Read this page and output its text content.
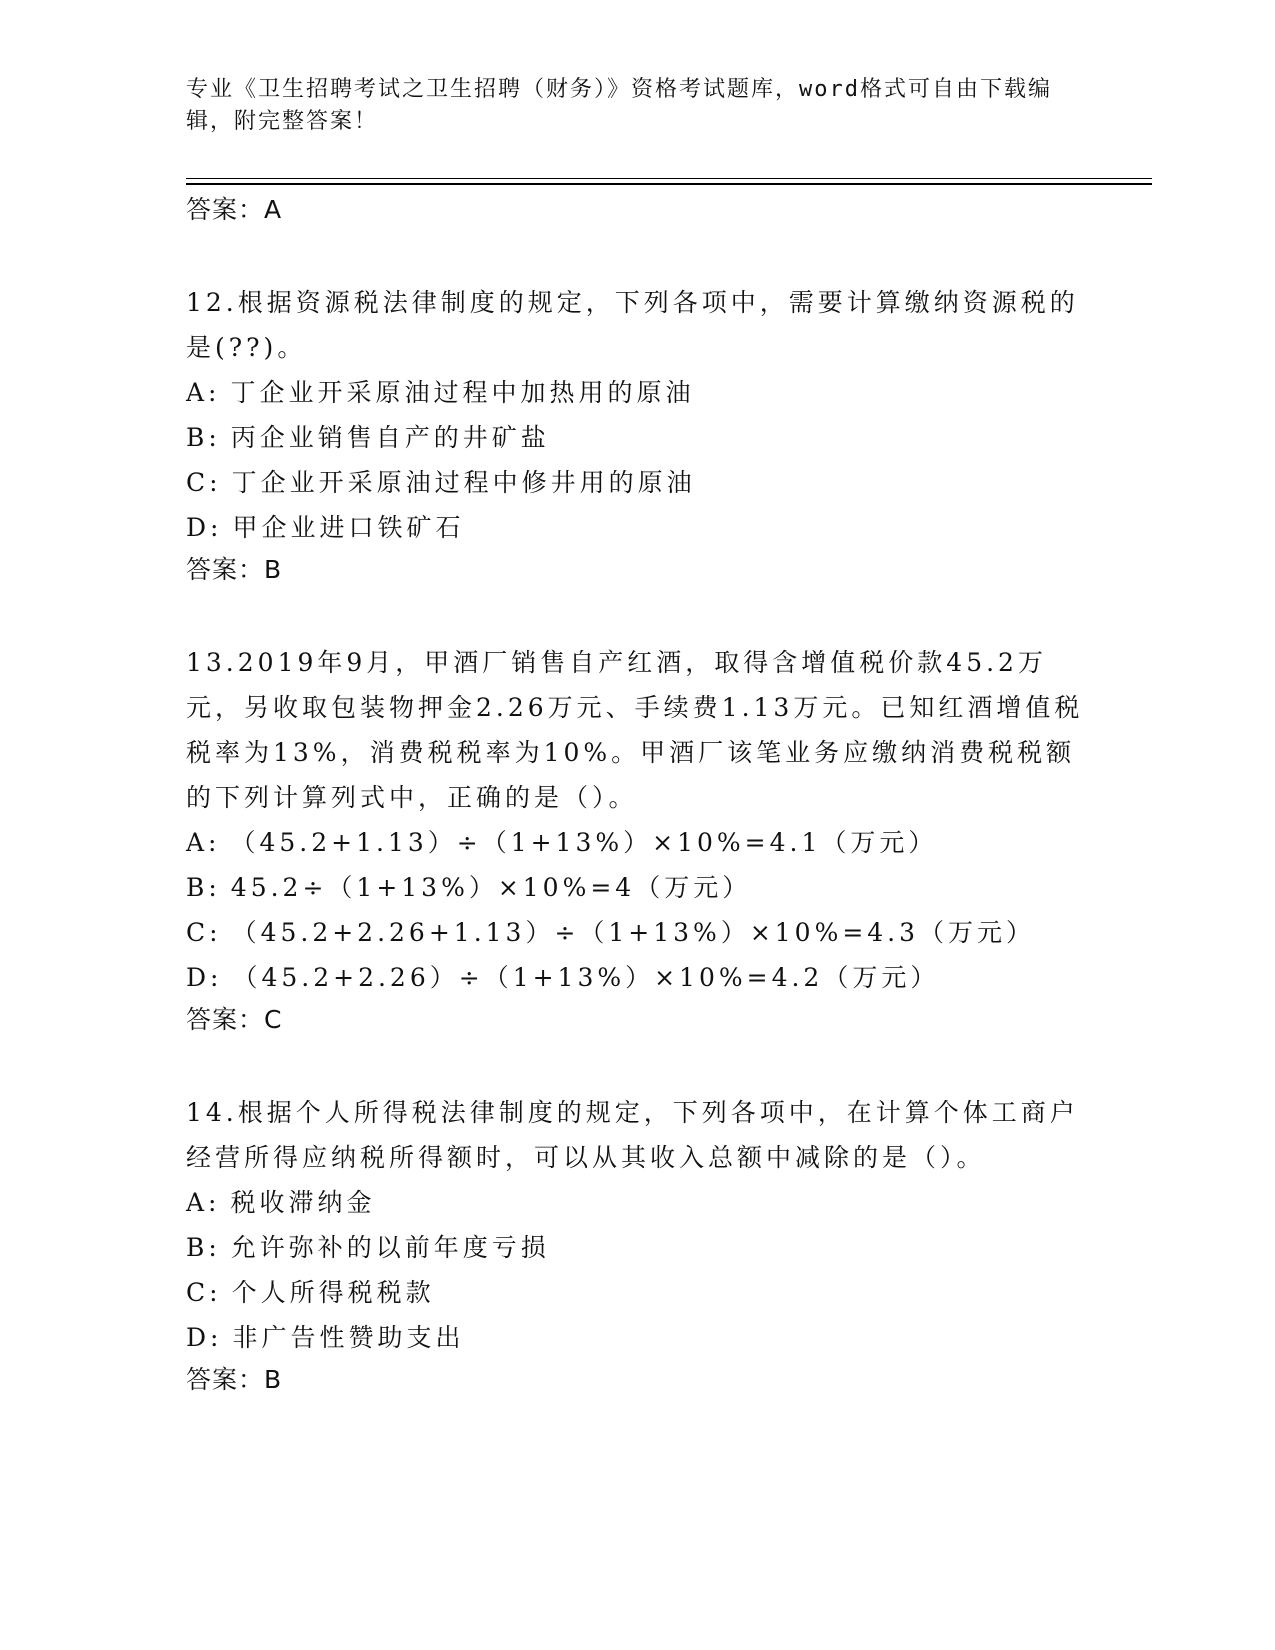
专业《卫生招聘考试之卫生招聘（财务）》资格考试题库，word格式可自由下载编辑，附完整答案！

答案：A

12.根据资源税法律制度的规定，下列各项中，需要计算缴纳资源税的是(??)。

A: 丁企业开采原油过程中加热用的原油

B: 丙企业销售自产的井矿盐

C: 丁企业开采原油过程中修井用的原油

D: 甲企业进口铁矿石

答案：B

13.2019年9月，甲酒厂销售自产红酒，取得含增值税价款45.2万元，另收取包装物押金2.26万元、手续费1.13万元。已知红酒增值税税率为13%，消费税税率为10%。甲酒厂该笔业务应缴纳消费税税额的下列计算列式中，正确的是（）。

A: （45.2+1.13）÷（1+13%）×10%=4.1（万元）

B: 45.2÷（1+13%）×10%=4（万元）

C: （45.2+2.26+1.13）÷（1+13%）×10%=4.3（万元）

D: （45.2+2.26）÷（1+13%）×10%=4.2（万元）

答案：C

14.根据个人所得税法律制度的规定，下列各项中，在计算个体工商户经营所得应纳税所得额时，可以从其收入总额中减除的是（）。

A: 税收滞纳金

B: 允许弥补的以前年度亏损

C: 个人所得税税款

D: 非广告性赞助支出

答案：B
